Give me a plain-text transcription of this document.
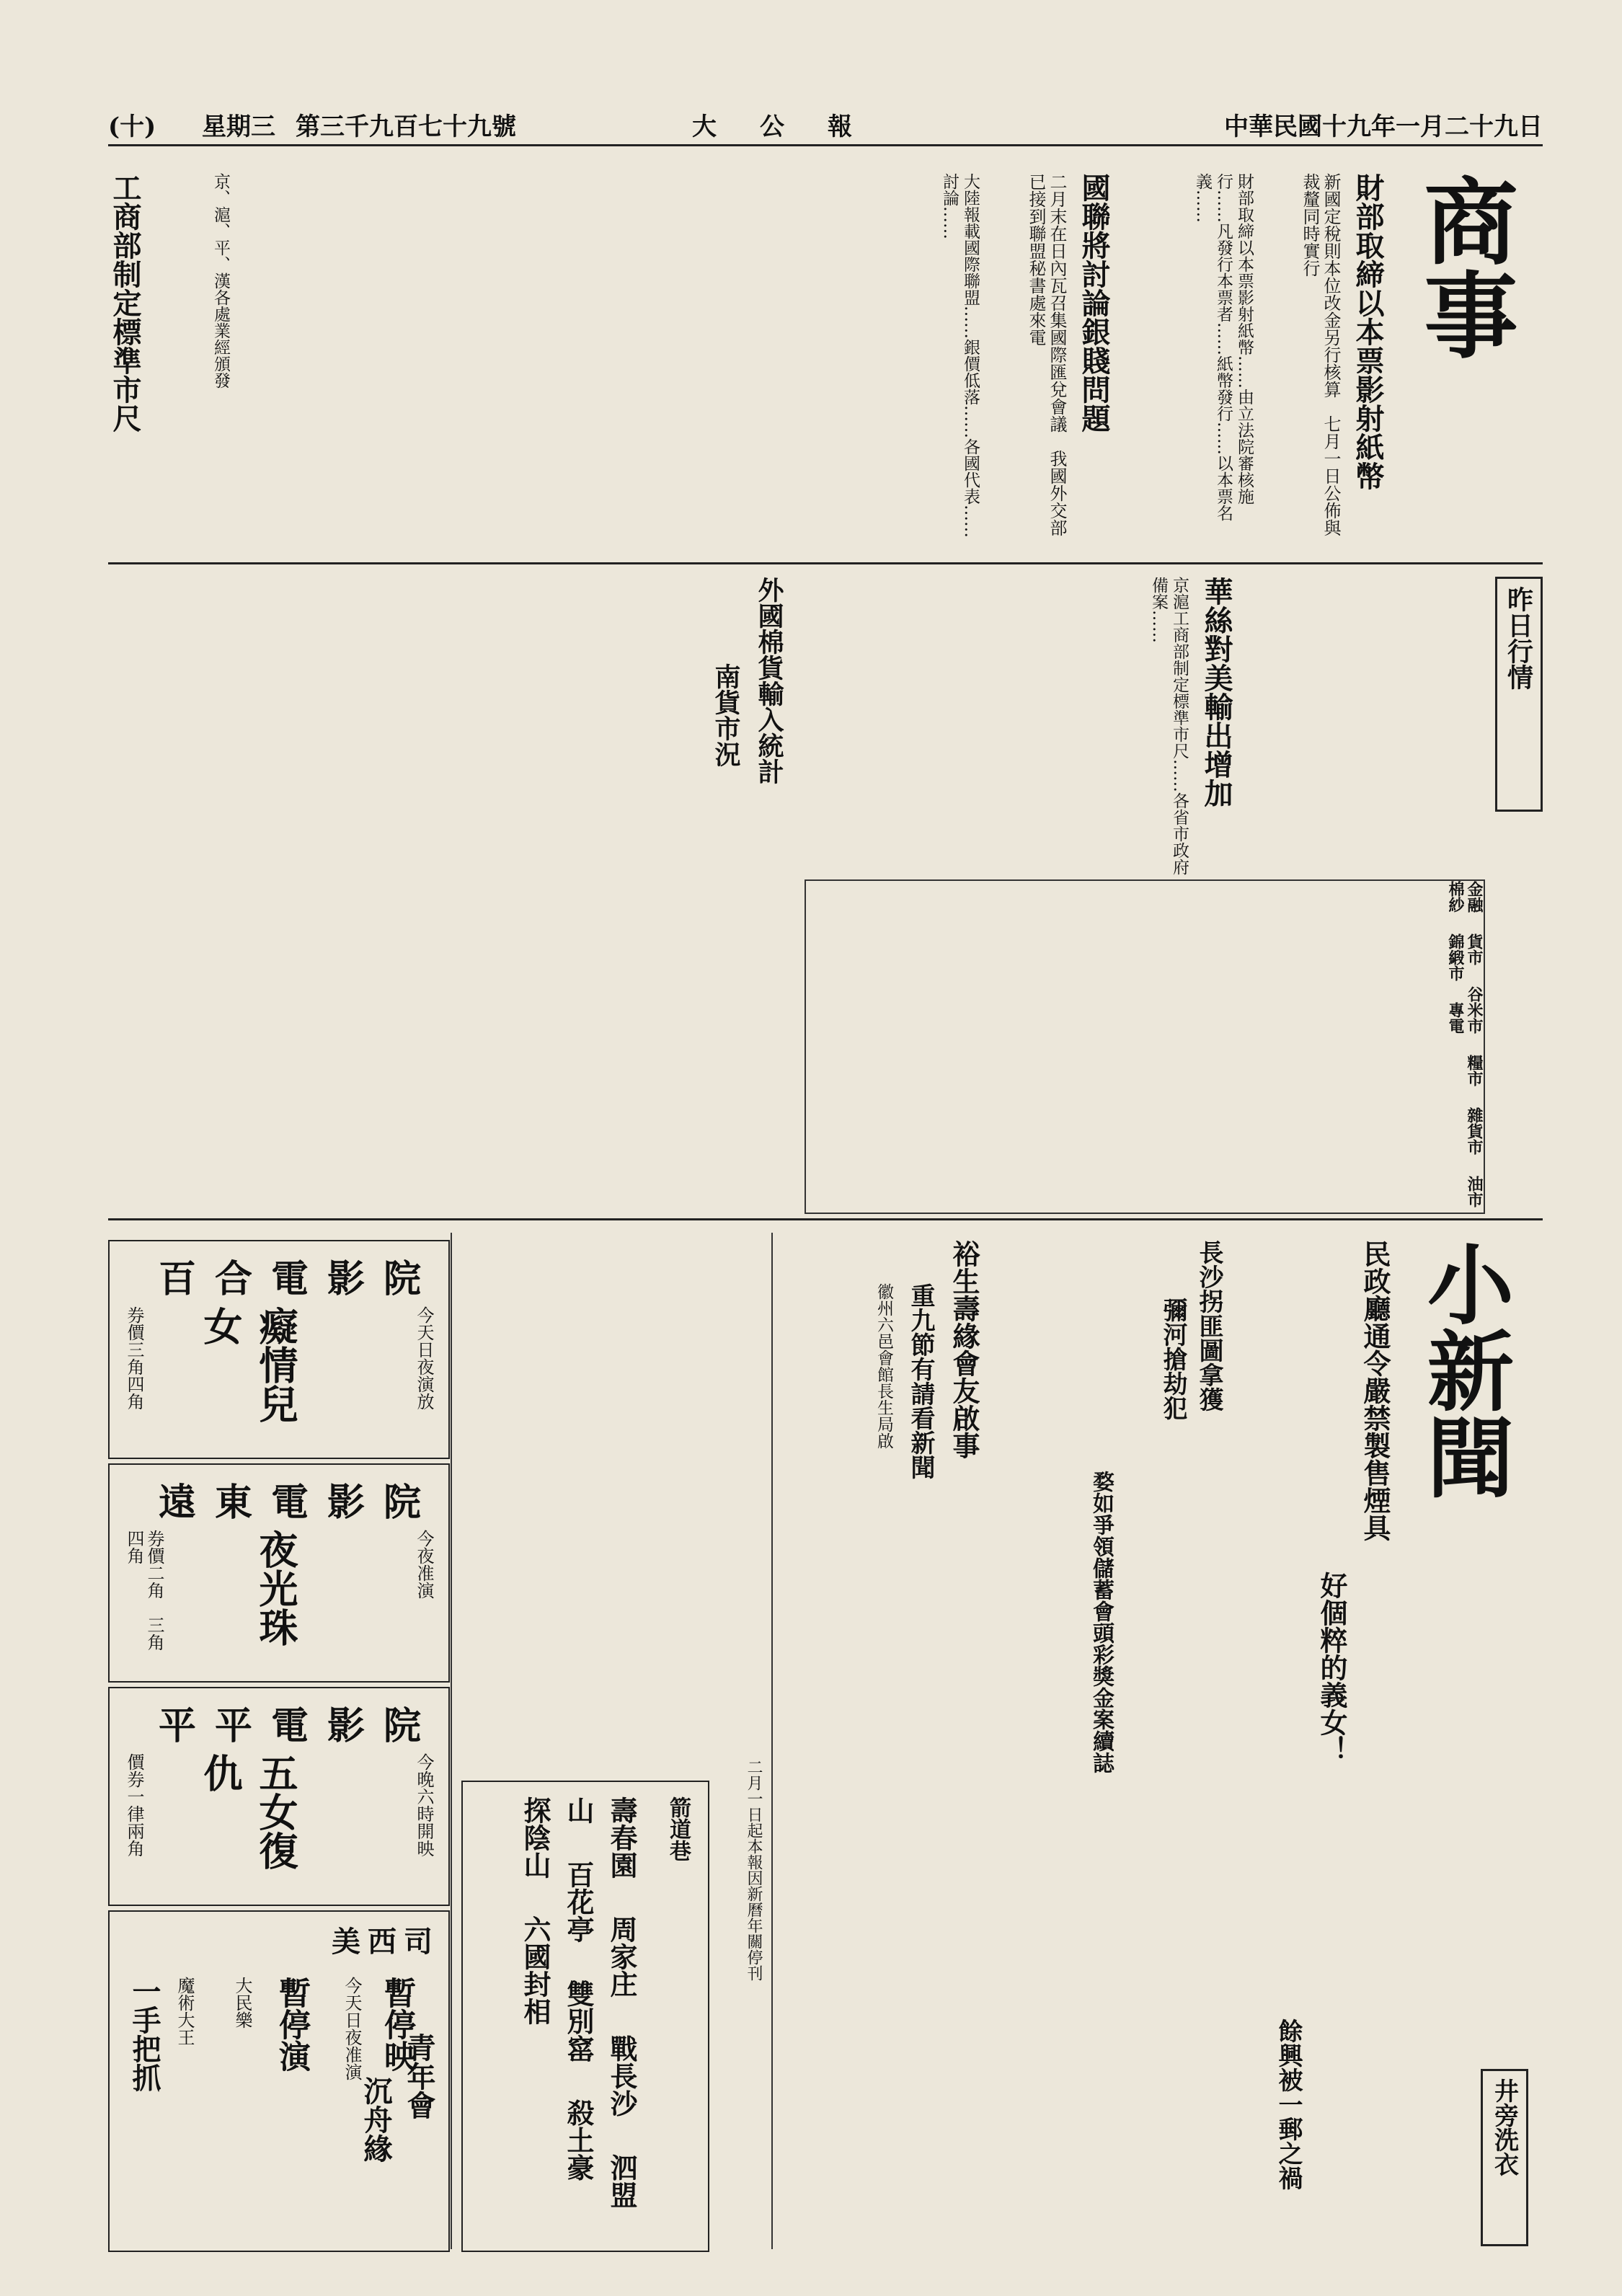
中華民國十九年一月二十九日
大公報
第三千九百七十九號
星期三
(十)
商事
財部取締以本票影射紙幣
新國定稅則本位改金另行核算　七月一日公佈與裁釐同時實行
財部取締以本票影射紙幣……由立法院審核施行……凡發行本票者……紙幣發行……以本票名義……
國聯將討論銀賤問題
二月末在日內瓦召集國際匯兌會議　我國外交部已接到聯盟秘書處來電
大陸報載國際聯盟……銀價低落……各國代表……討論……
工商部制定標準市尺	京、滬、平、漢各處業經頒發
華絲對美輸出增加
京滬工商部制定標準市尺……各省市政府備案……
外國棉貨輸入統計
南貨市況
昨日行情
金融　 貨市　 谷米市　 糧市　 雜貨市　 油市　 棉紗　 錦緞市　 專電
小新聞
民政廳通令嚴禁製售煙具
好個粹的義女！
長沙拐匪圖拿獲
彌河搶劫犯
裕生壽緣會友啟事
婺如爭領儲蓄會頭彩獎金案續誌
餘興被一郵之禍	井旁洗衣
重九節有請看新聞
徽州六邑會館長生局啟
百合電影院
癡情兒女	今天日夜演放
券價三角四角
遠東電影院
夜光珠	今夜准演
券價二角　三角　四角
平平電影院
五女復仇	今晚六時開映
價券一律兩角
美西司
暫停映
今天日夜准演
暫停演
大民樂
一手把抓 魔術大王
箭道巷
壽春園　 周家庄　 戰長沙　 泗盟山　 百花亭　 雙別窰　 殺土豪　 探陰山　 六國封相
青年會
沉舟緣
二月一日起本報因新曆年關停刊
